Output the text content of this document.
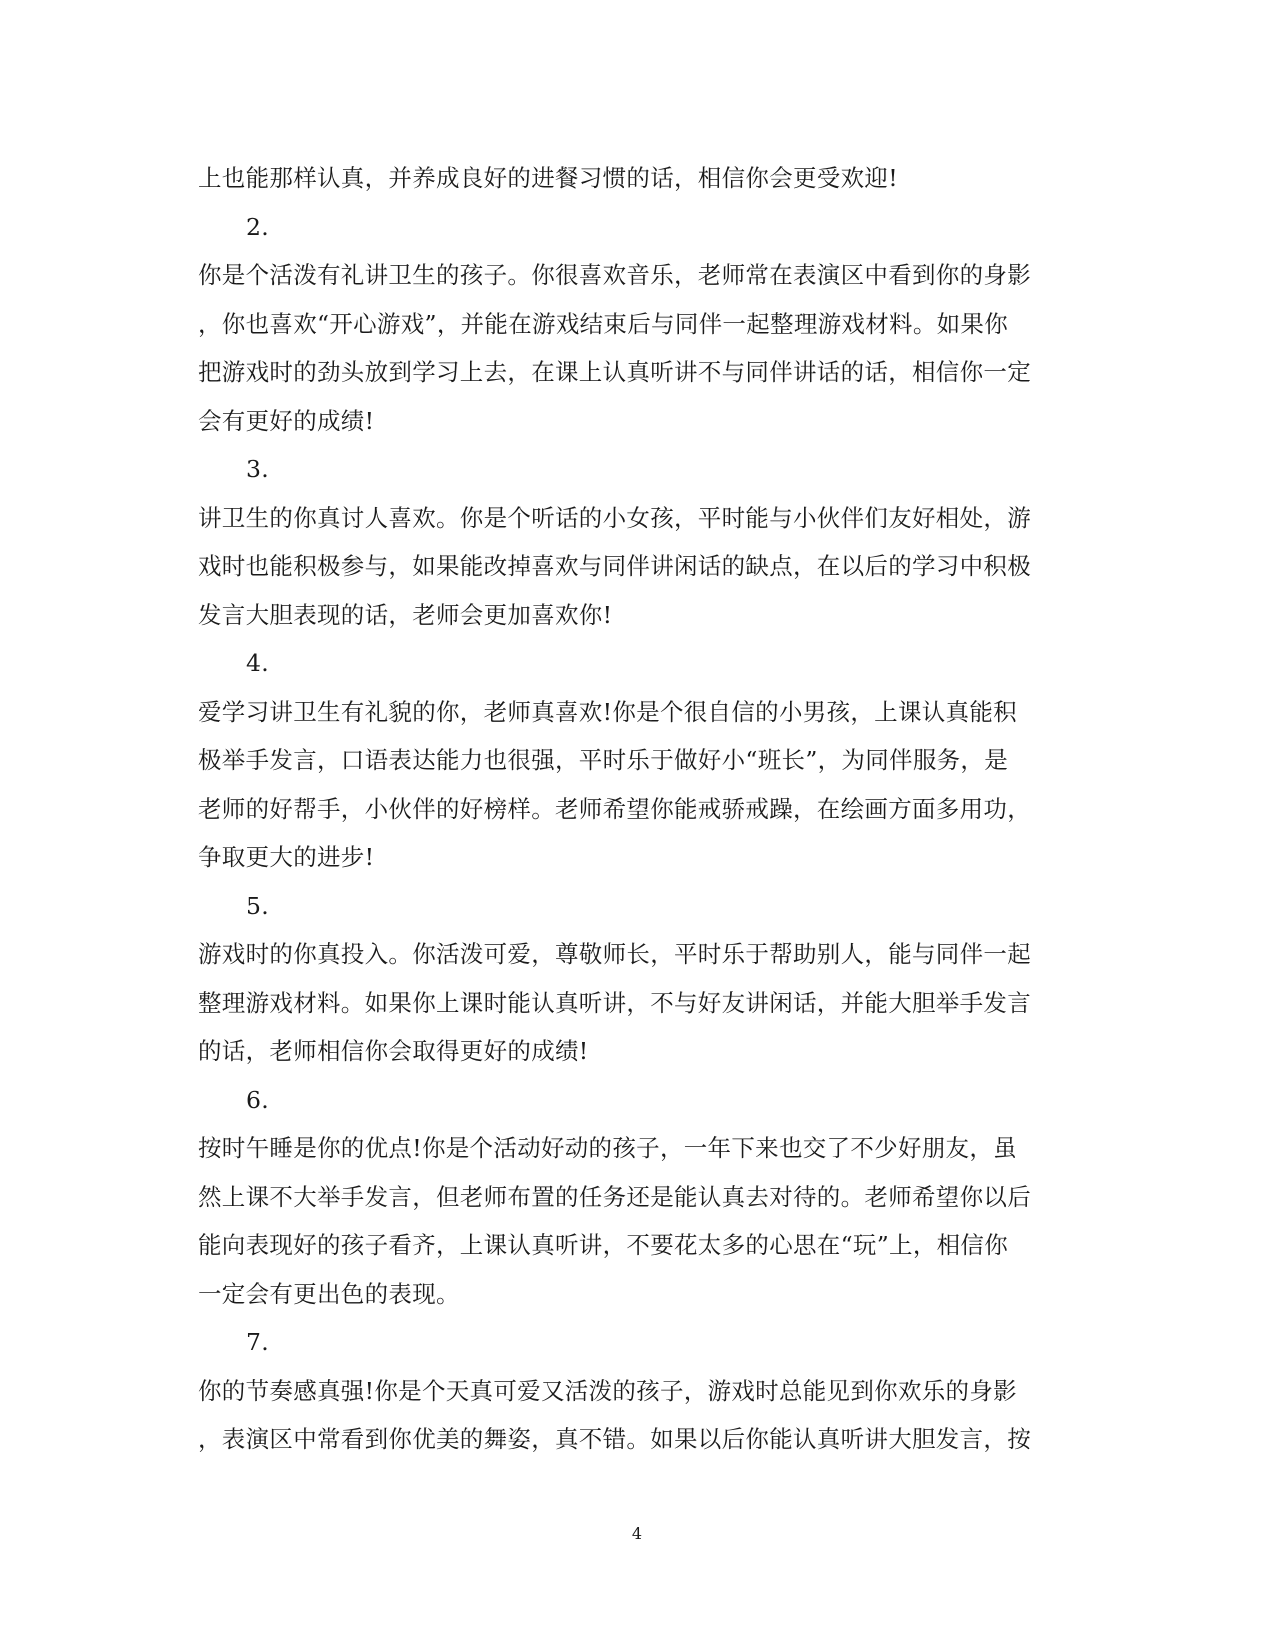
上也能那样认真，并养成良好的进餐习惯的话，相信你会更受欢迎!
2.
你是个活泼有礼讲卫生的孩子。你很喜欢音乐，老师常在表演区中看到你的身影
，你也喜欢“开心游戏”，并能在游戏结束后与同伴一起整理游戏材料。如果你
把游戏时的劲头放到学习上去，在课上认真听讲不与同伴讲话的话，相信你一定
会有更好的成绩!
3.
讲卫生的你真讨人喜欢。你是个听话的小女孩，平时能与小伙伴们友好相处，游
戏时也能积极参与，如果能改掉喜欢与同伴讲闲话的缺点，在以后的学习中积极
发言大胆表现的话，老师会更加喜欢你!
4.
爱学习讲卫生有礼貌的你，老师真喜欢!你是个很自信的小男孩，上课认真能积
极举手发言，口语表达能力也很强，平时乐于做好小“班长”，为同伴服务，是
老师的好帮手，小伙伴的好榜样。老师希望你能戒骄戒躁，在绘画方面多用功，
争取更大的进步!
5.
游戏时的你真投入。你活泼可爱，尊敬师长，平时乐于帮助别人，能与同伴一起
整理游戏材料。如果你上课时能认真听讲，不与好友讲闲话，并能大胆举手发言
的话，老师相信你会取得更好的成绩!
6.
按时午睡是你的优点!你是个活动好动的孩子，一年下来也交了不少好朋友，虽
然上课不大举手发言，但老师布置的任务还是能认真去对待的。老师希望你以后
能向表现好的孩子看齐，上课认真听讲，不要花太多的心思在“玩”上，相信你
一定会有更出色的表现。
7.
你的节奏感真强!你是个天真可爱又活泼的孩子，游戏时总能见到你欢乐的身影
，表演区中常看到你优美的舞姿，真不错。如果以后你能认真听讲大胆发言，按
4
